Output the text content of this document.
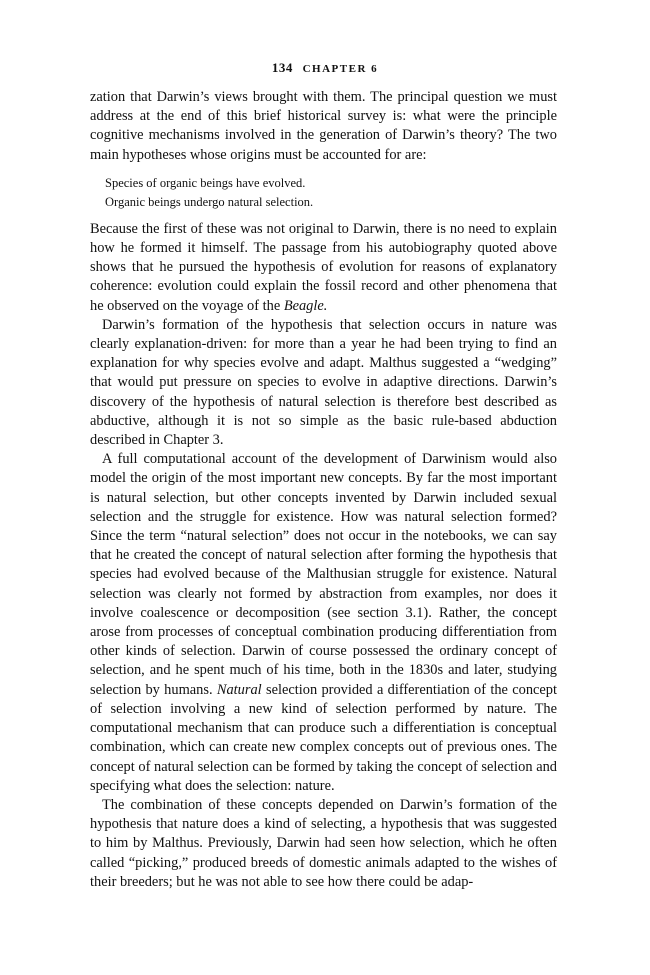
134 CHAPTER 6

zation that Darwin’s views brought with them. The principal question we must address at the end of this brief historical survey is: what were the principle cognitive mechanisms involved in the generation of Darwin’s theory? The two main hypotheses whose origins must be accounted for are:

Species of organic beings have evolved.
Organic beings undergo natural selection.

Because the first of these was not original to Darwin, there is no need to explain how he formed it himself. The passage from his autobiography quoted above shows that he pursued the hypothesis of evolution for reasons of explanatory coherence: evolution could explain the fossil record and other phenomena that he observed on the voyage of the Beagle.

Darwin’s formation of the hypothesis that selection occurs in nature was clearly explanation-driven: for more than a year he had been trying to find an explanation for why species evolve and adapt. Malthus suggested a “wedging” that would put pressure on species to evolve in adaptive directions. Darwin’s discovery of the hypothesis of natural selection is therefore best described as abductive, although it is not so simple as the basic rule-based abduction described in Chapter 3.

A full computational account of the development of Darwinism would also model the origin of the most important new concepts. By far the most important is natural selection, but other concepts invented by Darwin included sexual selection and the struggle for existence. How was natural selection formed? Since the term “natural selection” does not occur in the notebooks, we can say that he created the concept of natural selection after forming the hypothesis that species had evolved because of the Malthusian struggle for existence. Natural selection was clearly not formed by abstraction from examples, nor does it involve coalescence or decomposition (see section 3.1). Rather, the concept arose from processes of conceptual combination producing differentiation from other kinds of selection. Darwin of course possessed the ordinary concept of selection, and he spent much of his time, both in the 1830s and later, studying selection by humans. Natural selection provided a differentiation of the concept of selection involving a new kind of selection performed by nature. The computational mechanism that can produce such a differentiation is conceptual combination, which can create new complex concepts out of previous ones. The concept of natural selection can be formed by taking the concept of selection and specifying what does the selection: nature.

The combination of these concepts depended on Darwin’s formation of the hypothesis that nature does a kind of selecting, a hypothesis that was suggested to him by Malthus. Previously, Darwin had seen how selection, which he often called “picking,” produced breeds of domestic animals adapted to the wishes of their breeders; but he was not able to see how there could be adap-
